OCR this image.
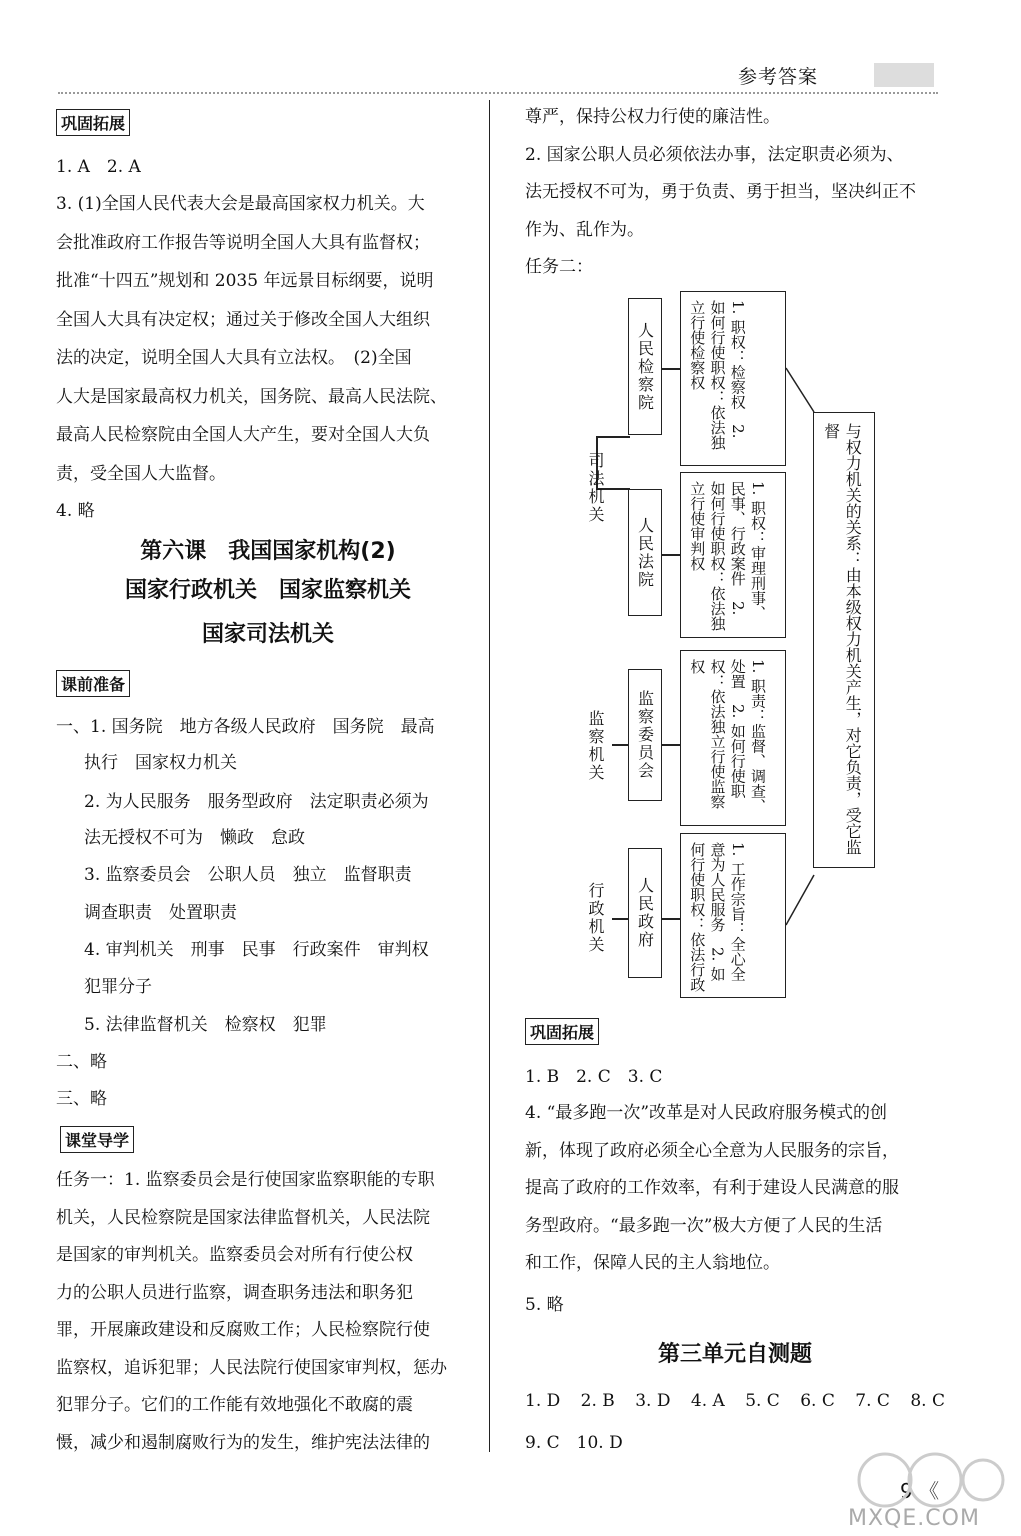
参考答案
巩固拓展
1. A　2. A
3. (1)全国人民代表大会是最高国家权力机关。大
会批准政府工作报告等说明全国人大具有监督权；
批准“十四五”规划和 2035 年远景目标纲要，说明
全国人大具有决定权；通过关于修改全国人大组织
法的决定，说明全国人大具有立法权。　(2)全国
人大是国家最高权力机关，国务院、最高人民法院、
最高人民检察院由全国人大产生，要对全国人大负
责，受全国人大监督。
4. 略
第六课　我国国家机构(2)
国家行政机关　国家监察机关
国家司法机关
课前准备
一、1. 国务院　地方各级人民政府　国务院　最高
执行　国家权力机关
2. 为人民服务　服务型政府　法定职责必须为
法无授权不可为　懒政　怠政
3. 监察委员会　公职人员　独立　监督职责
调查职责　处置职责
4. 审判机关　刑事　民事　行政案件　审判权
犯罪分子
5. 法律监督机关　检察权　犯罪
二、略
三、略
课堂导学
任务一：1. 监察委员会是行使国家监察职能的专职
机关，人民检察院是国家法律监督机关，人民法院
是国家的审判机关。监察委员会对所有行使公权
力的公职人员进行监察，调查职务违法和职务犯
罪，开展廉政建设和反腐败工作；人民检察院行使
监察权，追诉犯罪；人民法院行使国家审判权，惩办
犯罪分子。它们的工作能有效地强化不敢腐的震
慑，减少和遏制腐败行为的发生，维护宪法法律的
尊严，保持公权力行使的廉洁性。
2. 国家公职人员必须依法办事，法定职责必须为、
法无授权不可为，勇于负责、勇于担当，坚决纠正不
作为、乱作为。
任务二：
巩固拓展
1. B　2. C　3. C
4. “最多跑一次”改革是对人民政府服务模式的创
新，体现了政府必须全心全意为人民服务的宗旨，
提高了政府的工作效率，有利于建设人民满意的服
务型政府。“最多跑一次”极大方便了人民的生活
和工作，保障人民的主人翁地位。
5. 略
第三单元自测题
1. D 2. B 3. D 4. A 5. C 6. C 7. C 8. C
9. C　10. D
司法机关
监察机关
行政机关
人民检察院	1. 职权：检察权　2. 如何行使职权：依法独立行使检察权
人民法院	1. 职权：审理刑事、民事、行政案件　2. 如何行使职权：依法独立行使审判权
监察委员会	1. 职责：监督、调查、处置　2. 如何行使职权：依法独立行使监察权
人民政府	1. 工作宗旨：全心全意为人民服务　2. 如何行使职权：依法行政
与权力机关的关系：由本级权力机关产生，对它负责，受它监督
9 《
MXQE.COM
